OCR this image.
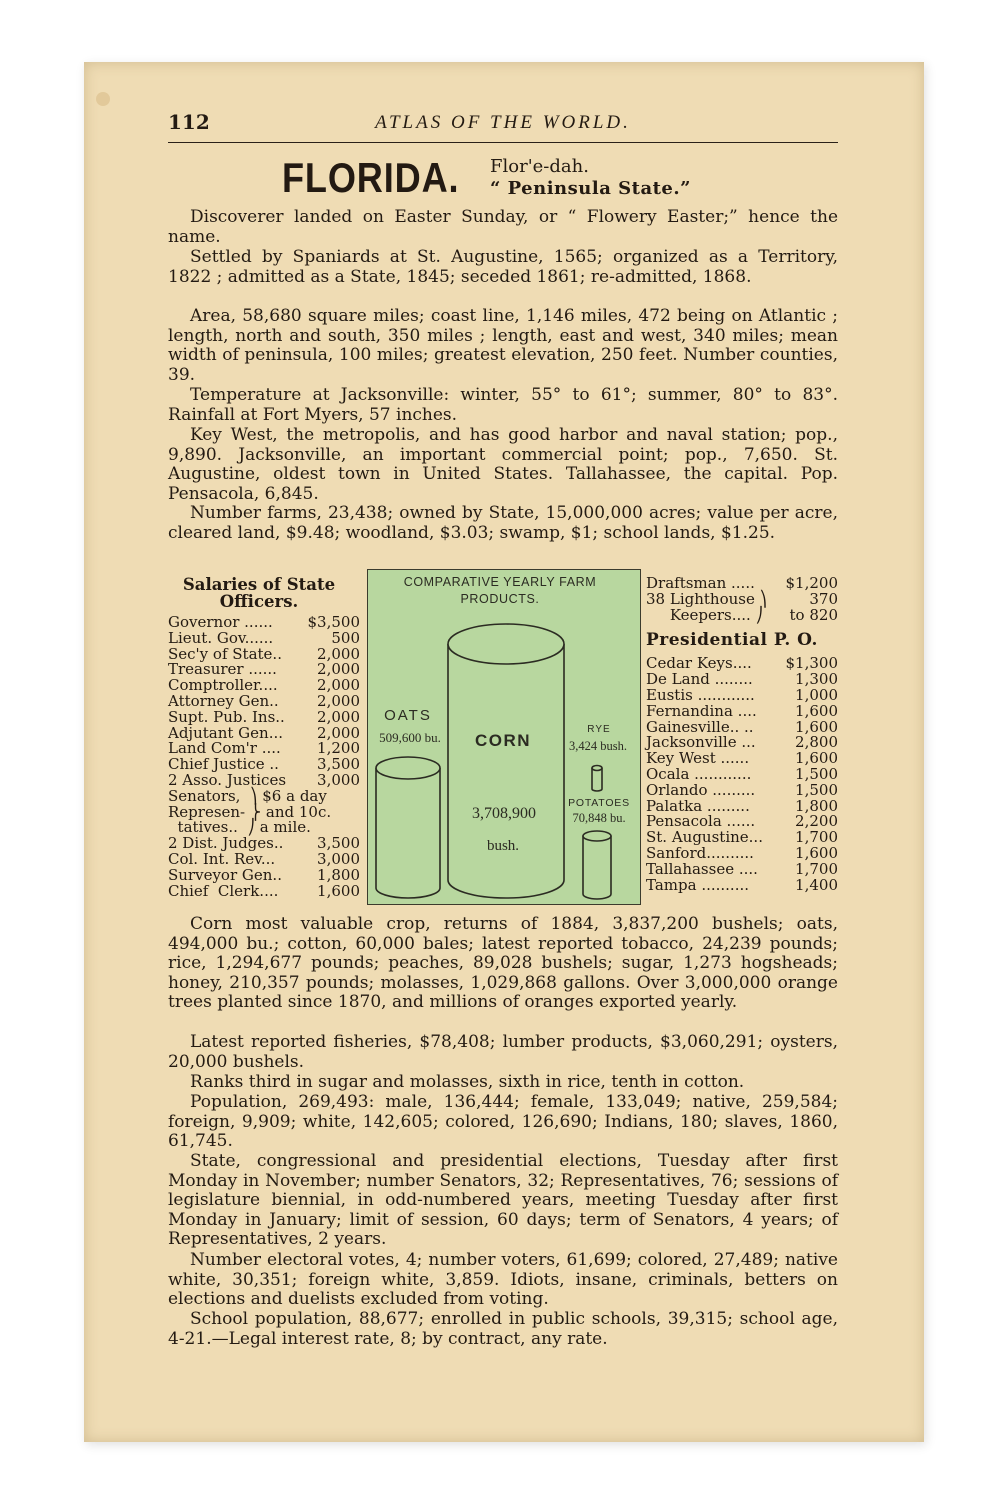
112	ATLAS OF THE WORLD.
FLORIDA. Flor'e-dah.
“ Peninsula State.”

Discoverer landed on Easter Sunday, or “ Flowery Easter;” hence the name.

Settled by Spaniards at St. Augustine, 1565; organized as a Territory, 1822 ; admitted as a State, 1845; seceded 1861; re-admitted, 1868.

Area, 58,680 square miles; coast line, 1,146 miles, 472 being on Atlantic ; length, north and south, 350 miles ; length, east and west, 340 miles; mean width of peninsula, 100 miles; greatest elevation, 250 feet. Number counties, 39.

Temperature at Jacksonville: winter, 55° to 61°; summer, 80° to 83°. Rainfall at Fort Myers, 57 inches.

Key West, the metropolis, and has good harbor and naval station; pop., 9,890. Jacksonville, an important commercial point; pop., 7,650. St. Augustine, oldest town in United States. Tallahassee, the capital. Pop. Pensacola, 6,845.

Number farms, 23,438; owned by State, 15,000,000 acres; value per acre, cleared land, $9.48; woodland, $3.03; swamp, $1; school lands, $1.25.

Salaries of State Officers.
Governor ...... $3,500
Lieut. Gov......	500
Sec'y of State.. 2,000
Treasurer ......	2,000
Comptroller....	2,000
Attorney Gen..	2,000
Supt. Pub. Ins.. 2,000
Adjutant Gen... 2,000
Land Com'r .... 1,200
Chief Justice ..	3,500
2 Asso. Justices 3,000
Senators,  ⎞ $6 a day
Represen- ⎬ and 10c.
tatives..  ⎠ a mile.
2 Dist. Judges.. 3,500
Col. Int. Rev...	3,000
Surveyor Gen.. 1,800
Chief  Clerk....	1,600
COMPARATIVE YEARLY FARM
PRODUCTS.
OATS
509,600 bu. CORN
3,708,900
bush.
RYE
3,424 bush.
POTATOES
70,848 bu.
Draftsman ..... $1,200
38 Lighthouse ⎞	370
Keepers.... ⎠ to 820
Presidential P. O.
Cedar Keys.... $1,300
De Land ........	1,300
Eustis ............	1,000
Fernandina ....	1,600
Gainesville.. ..	1,600
Jacksonville ...	2,800
Key West ......	1,600
Ocala ............	1,500
Orlando .........	1,500
Palatka .........	1,800
Pensacola ......	2,200
St. Augustine... 1,700
Sanford..........	1,600
Tallahassee .... 1,700
Tampa ..........	1,400

Corn most valuable crop, returns of 1884, 3,837,200 bushels; oats, 494,000 bu.; cotton, 60,000 bales; latest reported tobacco, 24,239 pounds; rice, 1,294,677 pounds; peaches, 89,028 bushels; sugar, 1,273 hogsheads; honey, 210,357 pounds; molasses, 1,029,868 gallons. Over 3,000,000 orange trees planted since 1870, and millions of oranges exported yearly.

Latest reported fisheries, $78,408; lumber products, $3,060,291; oysters, 20,000 bushels.

Ranks third in sugar and molasses, sixth in rice, tenth in cotton.

Population, 269,493: male, 136,444; female, 133,049; native, 259,584; foreign, 9,909; white, 142,605; colored, 126,690; Indians, 180; slaves, 1860, 61,745.

State, congressional and presidential elections, Tuesday after first Monday in November; number Senators, 32; Representatives, 76; sessions of legislature biennial, in odd-numbered years, meeting Tuesday after first Monday in January; limit of session, 60 days; term of Senators, 4 years; of Representatives, 2 years.

Number electoral votes, 4; number voters, 61,699; colored, 27,489; native white, 30,351; foreign white, 3,859. Idiots, insane, criminals, betters on elections and duelists excluded from voting.

School population, 88,677; enrolled in public schools, 39,315; school age, 4-21.—Legal interest rate, 8; by contract, any rate.
